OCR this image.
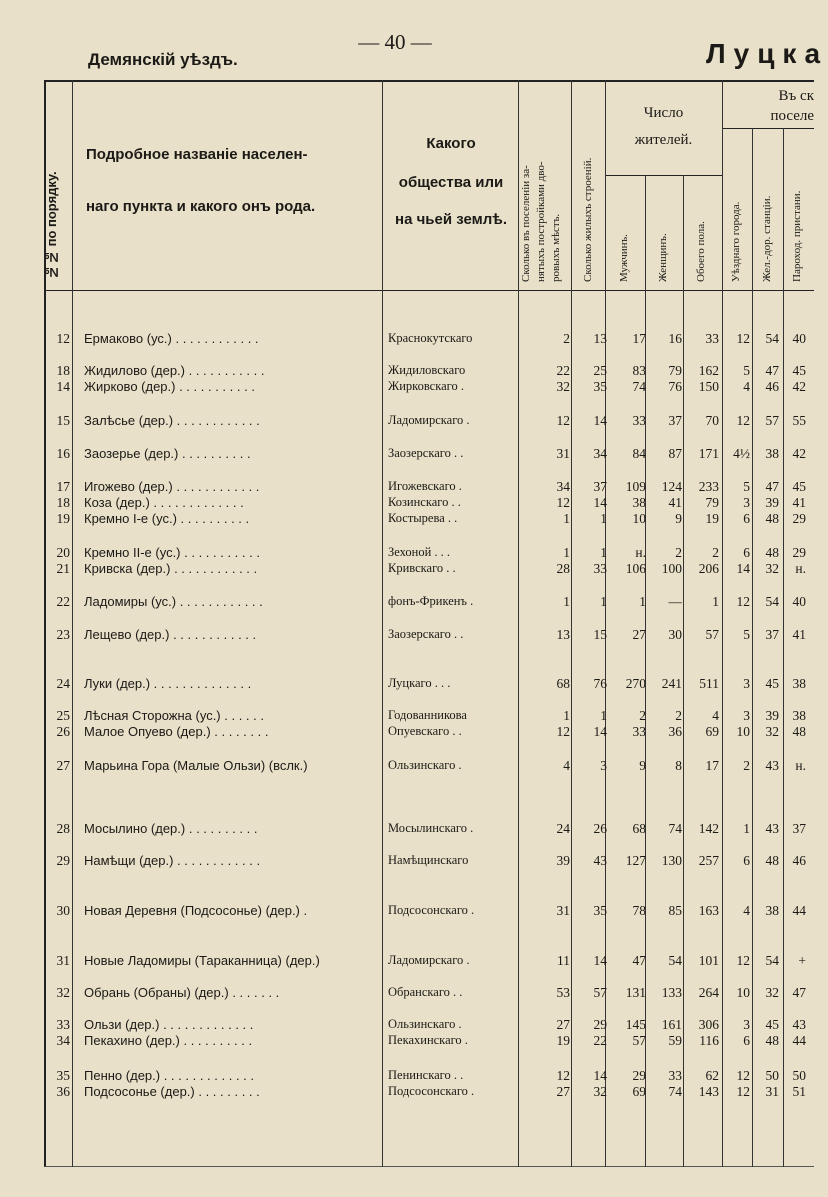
— 40 —
Демянскій уѣздъ.	Луцка
№№ по порядку.
Подробное названіе населен-
наго пункта и какого онъ рода.
Какого
общества или
на чьей землѣ.	Сколько въ поселеніи за- нятыхъ постройками дво- ровыхъ мѣстъ. Сколько жилыхъ строеній.
Число
жителей.
Мужчинъ. Женщинъ. Обоего пола.
Въ ск
поселе
Уѣзднаго города. Жел.-дор. станціи. Пароход. пристани.
12 Ермаково (ус.) . . . . . . . . . . . .	Краснокутскаго	2	13	17	16	33	12	54	40
18 Жидилово (дер.) . . . . . . . . . . .	Жидиловскаго	22	25	83	79	162	5	47	45
14 Жирково (дер.) . . . . . . . . . . .	Жирковскаго .	32	35	74	76	150	4	46	42
15 Залѣсье (дер.) . . . . . . . . . . . .	Ладомирскаго .	12	14	33	37	70	12	57	55
16 Заозерье (дер.) . . . . . . . . . .	Заозерскаго . .	31	34	84	87	171	4½	38	42
17 Игожево (дер.) . . . . . . . . . . . .	Игожевскаго .	34	37	109	124	233	5	47	45
18 Коза (дер.) . . . . . . . . . . . . .	Козинскаго . .	12	14	38	41	79	3	39	41
19 Кремно І-е (ус.) . . . . . . . . . .	Костырева . .	1	1	10	9	19	6	48	29
20 Кремно ІІ-е (ус.) . . . . . . . . . . .	Зехоной . . .	1	1	н.	2	2	6	48	29
21 Кривска (дер.) . . . . . . . . . . . .	Кривскаго . .	28	33	106	100	206	14	32	н.
22 Ладомиры (ус.) . . . . . . . . . . . .	фонъ-Фрикенъ .	1	1	1	—	1	12	54	40
23 Лещево (дер.) . . . . . . . . . . . .	Заозерскаго . .	13	15	27	30	57	5	37	41
24 Луки (дер.) . . . . . . . . . . . . . .	Луцкаго . . .	68	76	270	241	511	3	45	38
25 Лѣсная Сторожна (ус.) . . . . . .	Годованникова	1	1	2	2	4	3	39	38
26 Малое Опуево (дер.) . . . . . . . .	Опуевскаго . .	12	14	33	36	69	10	32	48
27 Марьина Гора (Малые Ользи) (вслк.)	Ользинскаго .	4	3	9	8	17	2	43	н.
28 Мосылино (дер.) . . . . . . . . . .	Мосылинскаго .	24	26	68	74	142	1	43	37
29 Намѣщи (дер.) . . . . . . . . . . . .	Намѣщинскаго	39	43	127	130	257	6	48	46
30 Новая Деревня (Подсосонье) (дер.) .	Подсосонскаго .	31	35	78	85	163	4	38	44
31 Новые Ладомиры (Тараканница) (дер.)	Ладомирскаго .	11	14	47	54	101	12	54	+
32 Обрань (Обраны) (дер.) . . . . . . .	Обранскаго . .	53	57	131	133	264	10	32	47
33 Ользи (дер.) . . . . . . . . . . . . .	Ользинскаго .	27	29	145	161	306	3	45	43
34 Пекахино (дер.) . . . . . . . . . .	Пекахинскаго .	19	22	57	59	116	6	48	44
35 Пенно (дер.) . . . . . . . . . . . . .	Пенинскаго . .	12	14	29	33	62	12	50	50
36 Подсосонье (дер.) . . . . . . . . .	Подсосонскаго .	27	32	69	74	143	12	31	51
